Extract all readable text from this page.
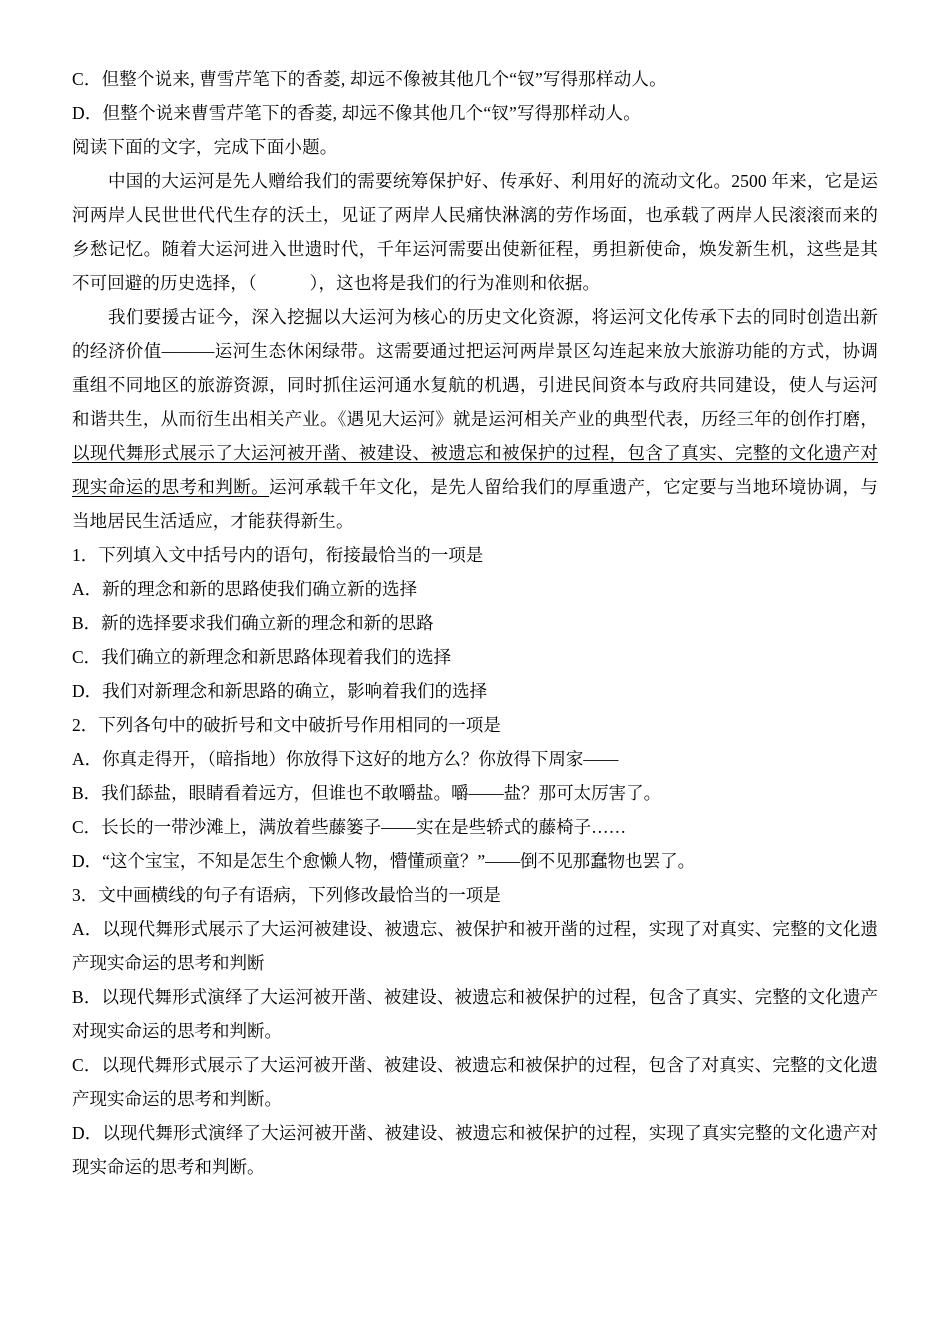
C．但整个说来, 曹雪芹笔下的香菱, 却远不像被其他几个“钗”写得那样动人。
D．但整个说来曹雪芹笔下的香菱, 却远不像其他几个“钗”写得那样动人。
阅读下面的文字，完成下面小题。
中国的大运河是先人赠给我们的需要统筹保护好、传承好、利用好的流动文化。2500 年来，它是运河两岸人民世世代代生存的沃土，见证了两岸人民痛快淋漓的劳作场面，也承载了两岸人民滚滚而来的乡愁记忆。随着大运河进入世遗时代，千年运河需要出使新征程，勇担新使命，焕发新生机，这些是其不可回避的历史选择，（　　　），这也将是我们的行为准则和依据。
我们要援古证今，深入挖掘以大运河为核心的历史文化资源，将运河文化传承下去的同时创造出新的经济价值———运河生态休闲绿带。这需要通过把运河两岸景区勾连起来放大旅游功能的方式，协调重组不同地区的旅游资源，同时抓住运河通水复航的机遇，引进民间资本与政府共同建设，使人与运河和谐共生，从而衍生出相关产业。《遇见大运河》就是运河相关产业的典型代表，历经三年的创作打磨，以现代舞形式展示了大运河被开凿、被建设、被遗忘和被保护的过程，包含了真实、完整的文化遗产对现实命运的思考和判断。运河承载千年文化，是先人留给我们的厚重遗产，它定要与当地环境协调，与当地居民生活适应，才能获得新生。
1．下列填入文中括号内的语句，衔接最恰当的一项是
A．新的理念和新的思路使我们确立新的选择
B．新的选择要求我们确立新的理念和新的思路
C．我们确立的新理念和新思路体现着我们的选择
D．我们对新理念和新思路的确立，影响着我们的选择
2．下列各句中的破折号和文中破折号作用相同的一项是
A．你真走得开，（暗指地）你放得下这好的地方么？你放得下周家——
B．我们舔盐，眼睛看着远方，但谁也不敢嚼盐。嚼——盐？那可太厉害了。
C．长长的一带沙滩上，满放着些藤篓子——实在是些轿式的藤椅子……
D．“这个宝宝，不知是怎生个愈懒人物，懵懂顽童？”——倒不见那蠢物也罢了。
3．文中画横线的句子有语病，下列修改最恰当的一项是
A．以现代舞形式展示了大运河被建设、被遗忘、被保护和被开凿的过程，实现了对真实、完整的文化遗产现实命运的思考和判断
B．以现代舞形式演绎了大运河被开凿、被建设、被遗忘和被保护的过程，包含了真实、完整的文化遗产对现实命运的思考和判断。
C．以现代舞形式展示了大运河被开凿、被建设、被遗忘和被保护的过程，包含了对真实、完整的文化遗产现实命运的思考和判断。
D．以现代舞形式演绎了大运河被开凿、被建设、被遗忘和被保护的过程，实现了真实完整的文化遗产对现实命运的思考和判断。
